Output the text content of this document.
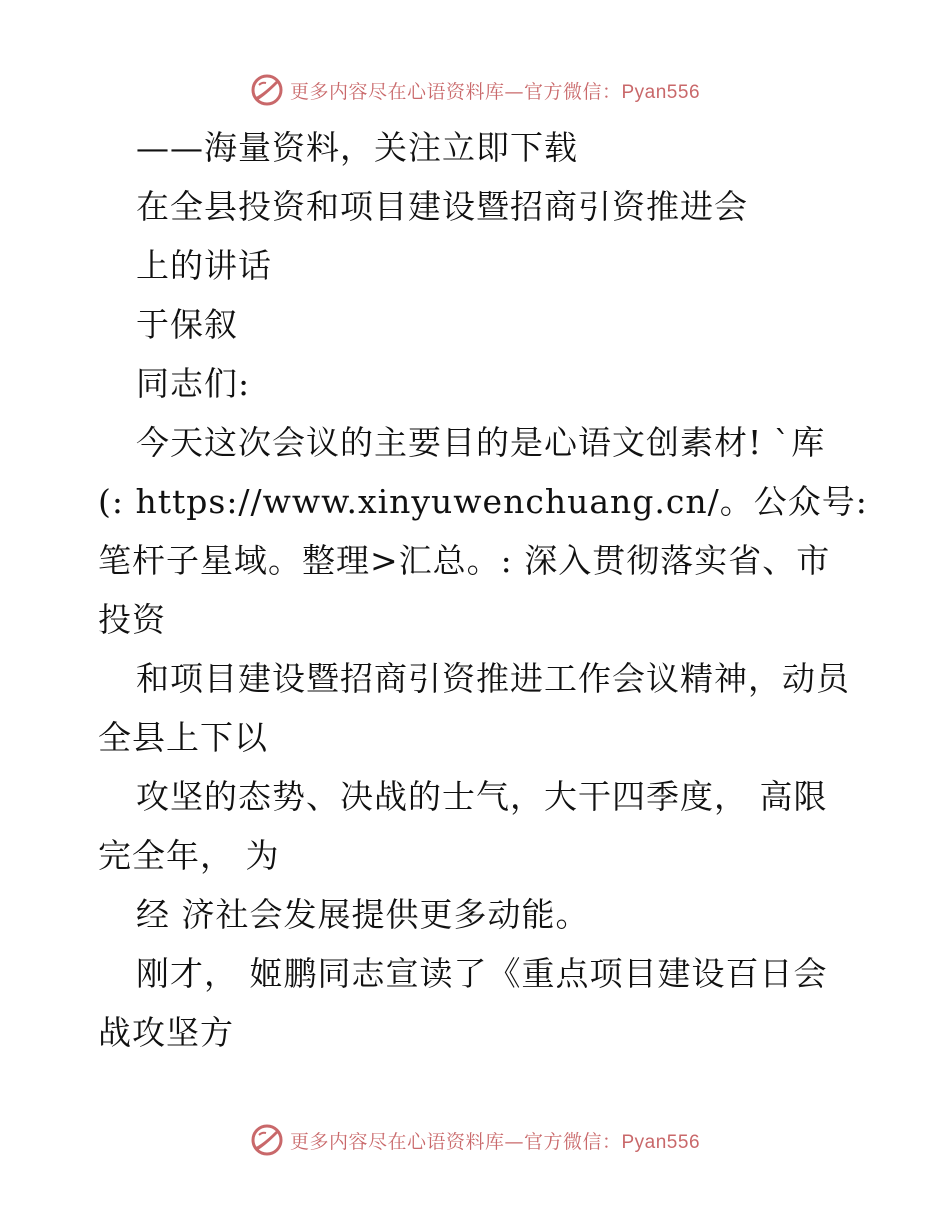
更多内容尽在心语资料库—官方微信：Pyan556
——海量资料，关注立即下载
在全县投资和项目建设暨招商引资推进会
上的讲话
于保叙
同志们:
今天这次会议的主要目的是心语文创素材! `库
(: https://www.xinyuwenchuang.cn/。公众号:
笔杆子星域。整理>汇总。: 深入贯彻落实省、市
投资
和项目建设暨招商引资推进工作会议精神，动员
全县上下以
攻坚的态势、决战的士气，大干四季度， 高限
完全年， 为
经 济社会发展提供更多动能。
刚才， 姬鹏同志宣读了《重点项目建设百日会
战攻坚方
更多内容尽在心语资料库—官方微信：Pyan556
